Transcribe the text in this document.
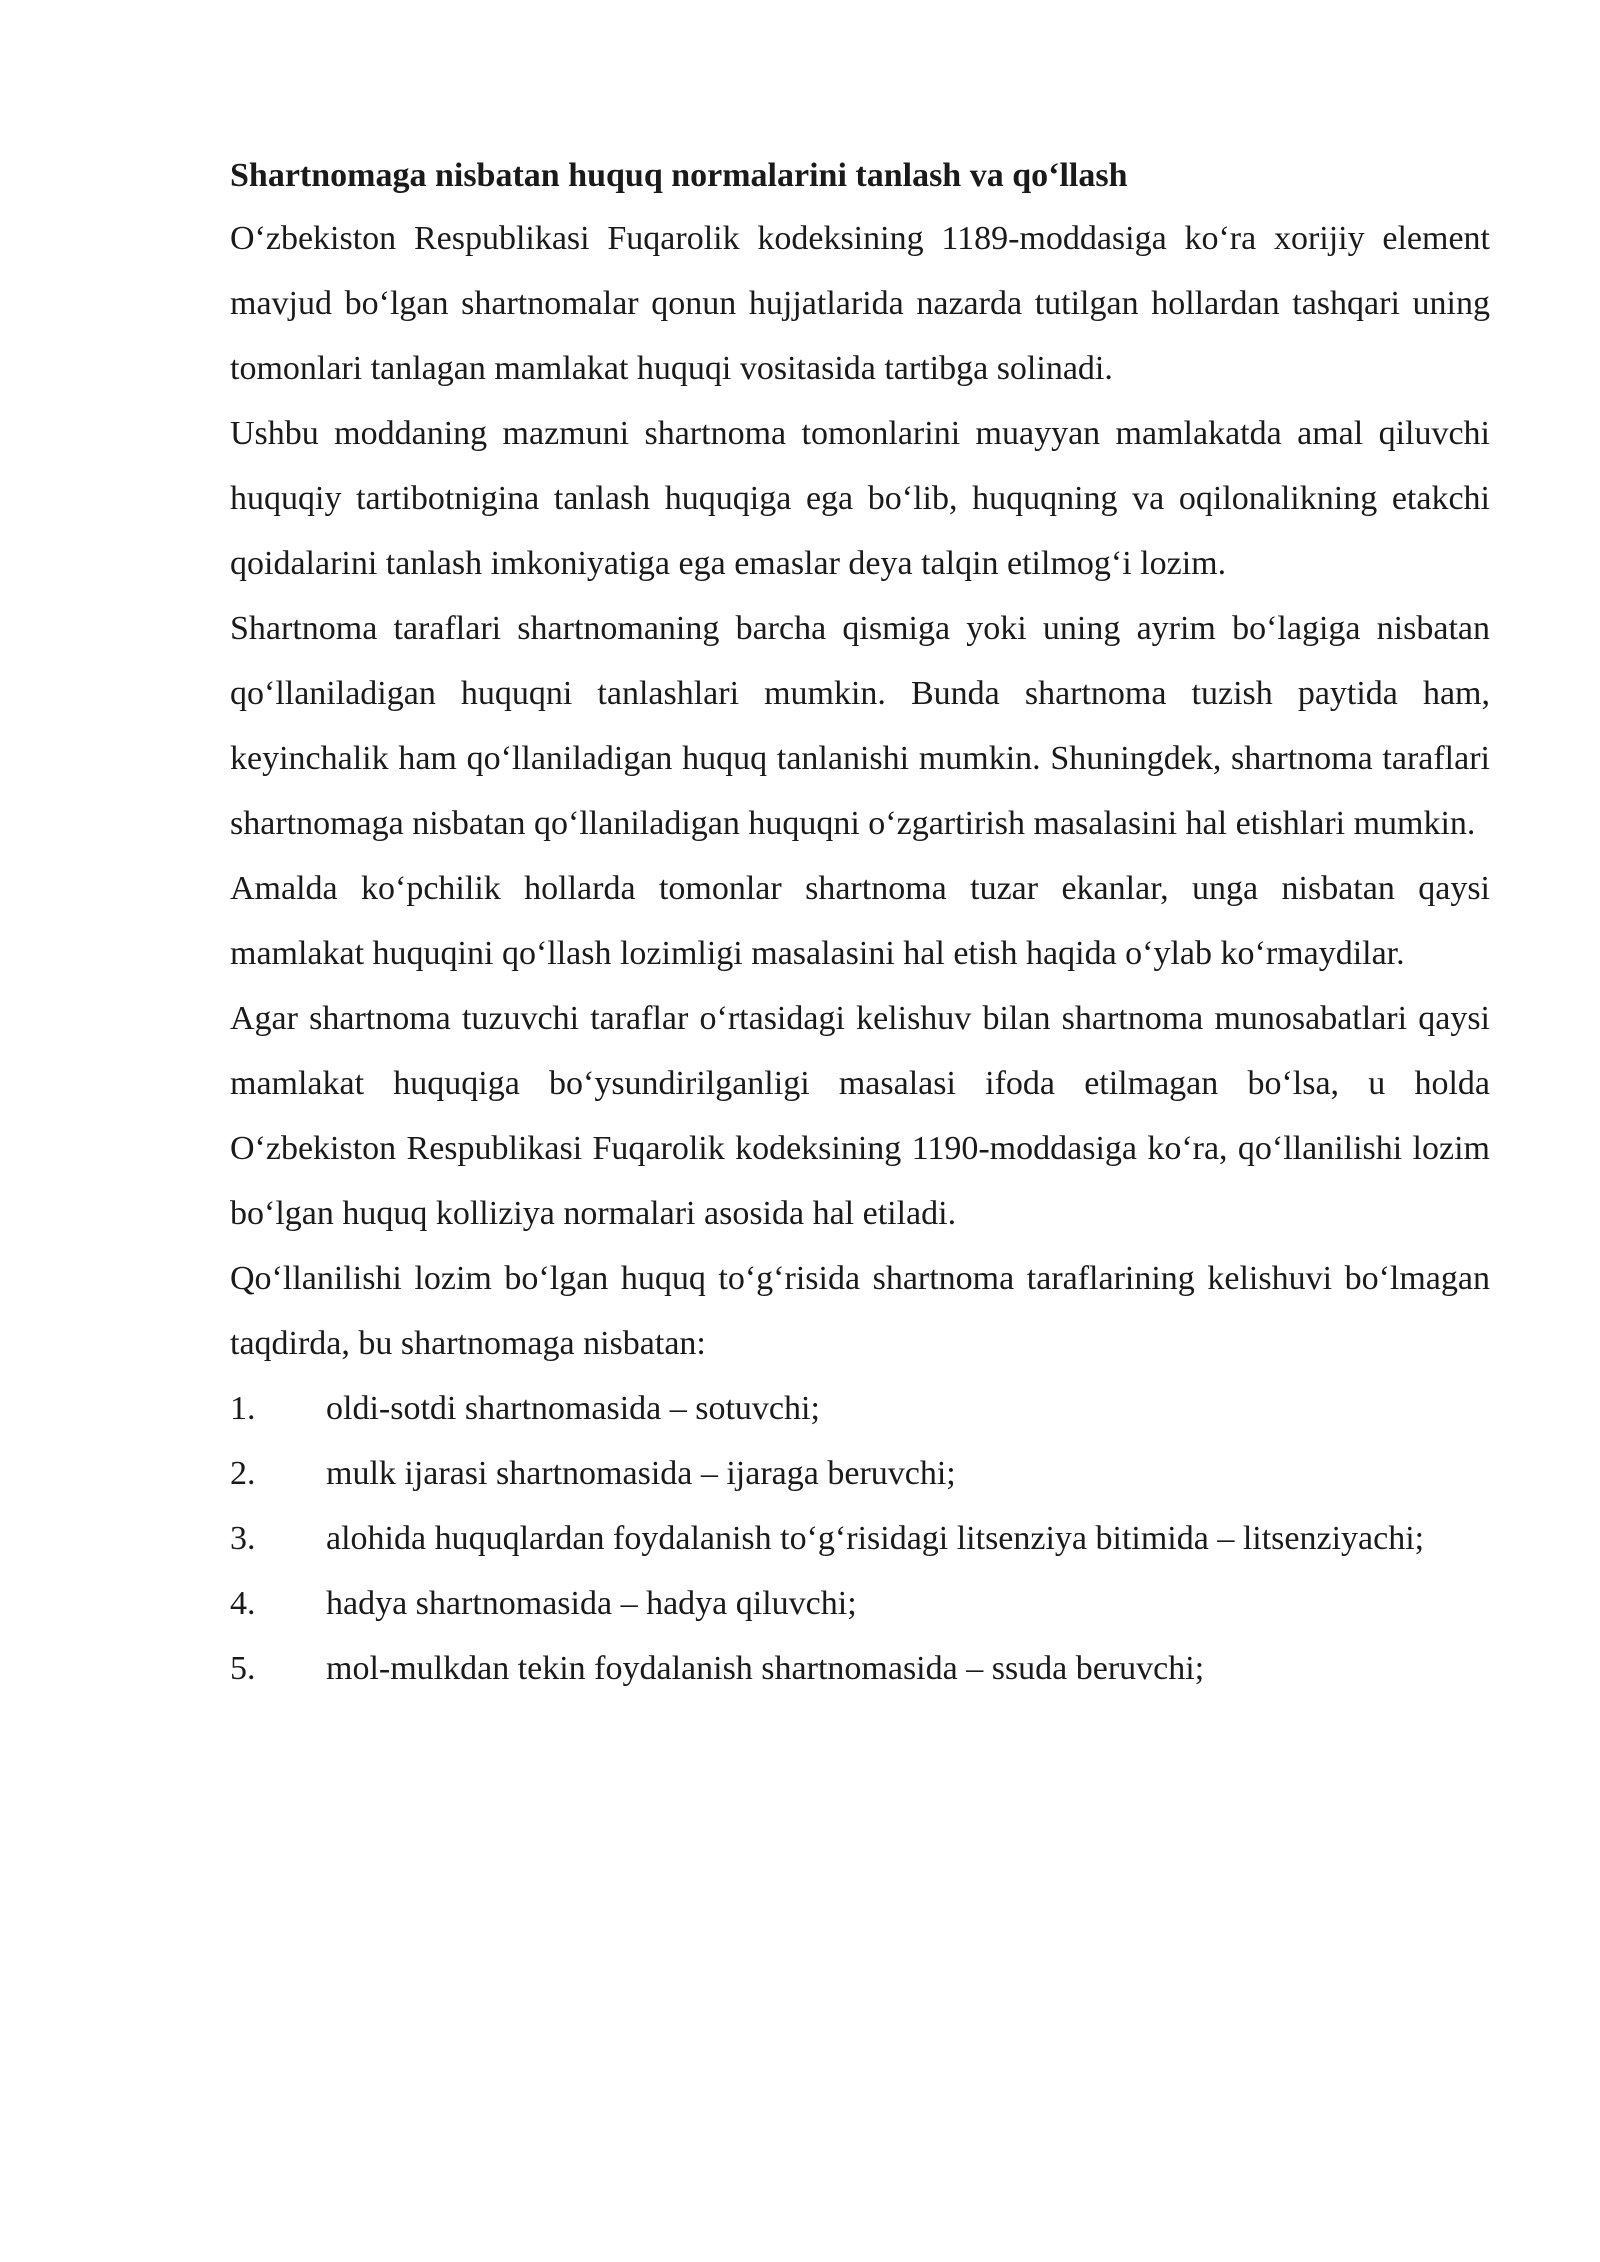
Shartnomaga nisbatan huquq normalarini tanlash va qo‘llash

O‘zbekiston Respublikasi Fuqarolik kodeksining 1189-moddasiga ko‘ra xorijiy element mavjud bo‘lgan shartnomalar qonun hujjatlarida nazarda tutilgan hollardan tashqari uning tomonlari tanlagan mamlakat huquqi vositasida tartibga solinadi.

Ushbu moddaning mazmuni shartnoma tomonlarini muayyan mamlakatda amal qiluvchi huquqiy tartibotnigina tanlash huquqiga ega bo‘lib, huquqning va oqilonalikning etakchi qoidalarini tanlash imkoniyatiga ega emaslar deya talqin etilmog‘i lozim.

Shartnoma taraflari shartnomaning barcha qismiga yoki uning ayrim bo‘lagiga nisbatan qo‘llaniladigan huquqni tanlashlari mumkin. Bunda shartnoma tuzish paytida ham, keyinchalik ham qo‘llaniladigan huquq tanlanishi mumkin. Shuningdek, shartnoma taraflari shartnomaga nisbatan qo‘llaniladigan huquqni o‘zgartirish masalasini hal etishlari mumkin.

Amalda ko‘pchilik hollarda tomonlar shartnoma tuzar ekanlar, unga nisbatan qaysi mamlakat huquqini qo‘llash lozimligi masalasini hal etish haqida o‘ylab ko‘rmaydilar.

Agar shartnoma tuzuvchi taraflar o‘rtasidagi kelishuv bilan shartnoma munosabatlari qaysi mamlakat huquqiga bo‘ysundirilganligi masalasi ifoda etilmagan bo‘lsa, u holda O‘zbekiston Respublikasi Fuqarolik kodeksining 1190-moddasiga ko‘ra, qo‘llanilishi lozim bo‘lgan huquq kolliziya normalari asosida hal etiladi.

Qo‘llanilishi lozim bo‘lgan huquq to‘g‘risida shartnoma taraflarining kelishuvi bo‘lmagan taqdirda, bu shartnomaga nisbatan:

1. oldi-sotdi shartnomasida – sotuvchi;
2. mulk ijarasi shartnomasida – ijaraga beruvchi;
3. alohida huquqlardan foydalanish to‘g‘risidagi litsenziya bitimida – litsenziyachi;
4. hadya shartnomasida – hadya qiluvchi;
5. mol-mulkdan tekin foydalanish shartnomasida – ssuda beruvchi;
